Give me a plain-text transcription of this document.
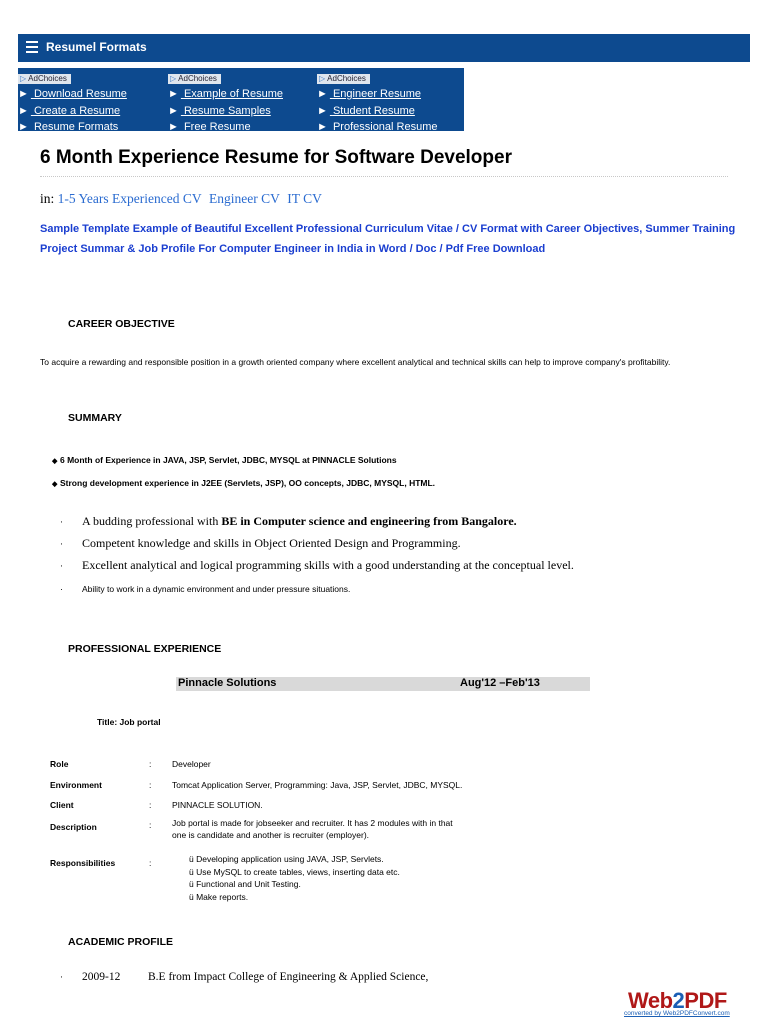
Resumel Formats
▷ AdChoices
► Download Resume
► Create a Resume
► Resume Formats
▷ AdChoices
► Example of Resume
► Resume Samples
► Free Resume
▷ AdChoices
► Engineer Resume
► Student Resume
► Professional Resume
6 Month Experience Resume for Software Developer
in: 1-5 Years Experienced CV Engineer CV IT CV
Sample Template Example of Beautiful Excellent Professional Curriculum Vitae / CV Format with Career Objectives, Summer Training Project Summar & Job Profile For Computer Engineer in India in Word / Doc / Pdf Free Download
CAREER OBJECTIVE
To acquire a rewarding and responsible position in a growth oriented company where excellent analytical and technical skills can help to improve company's profitability.
SUMMARY
◆ 6 Month of Experience in JAVA, JSP, Servlet, JDBC, MYSQL at PINNACLE Solutions
◆ Strong development experience in J2EE (Servlets, JSP), OO concepts, JDBC, MYSQL, HTML.
· A budding professional with BE in Computer science and engineering from Bangalore.
· Competent knowledge and skills in Object Oriented Design and Programming.
· Excellent analytical and logical programming skills with a good understanding at the conceptual level.
· Ability to work in a dynamic environment and under pressure situations.
PROFESSIONAL EXPERIENCE
Pinnacle Solutions	Aug'12 –Feb'13
Title: Job portal
Role	: Developer
Environment	: Tomcat Application Server, Programming: Java, JSP, Servlet, JDBC, MYSQL.
Client	: PINNACLE SOLUTION.
Description	: Job portal is made for jobseeker and recruiter. It has 2 modules with in that
one is candidate and another is recruiter (employer).
Responsibilities	:	ü Developing application using JAVA, JSP, Servlets.
ü Use MySQL to create tables, views, inserting data etc.
ü Functional and Unit Testing.
ü Make reports.
ACADEMIC PROFILE
· 2009-12 B.E from Impact College of Engineering & Applied Science,
Web2PDF
converted by Web2PDFConvert.com
